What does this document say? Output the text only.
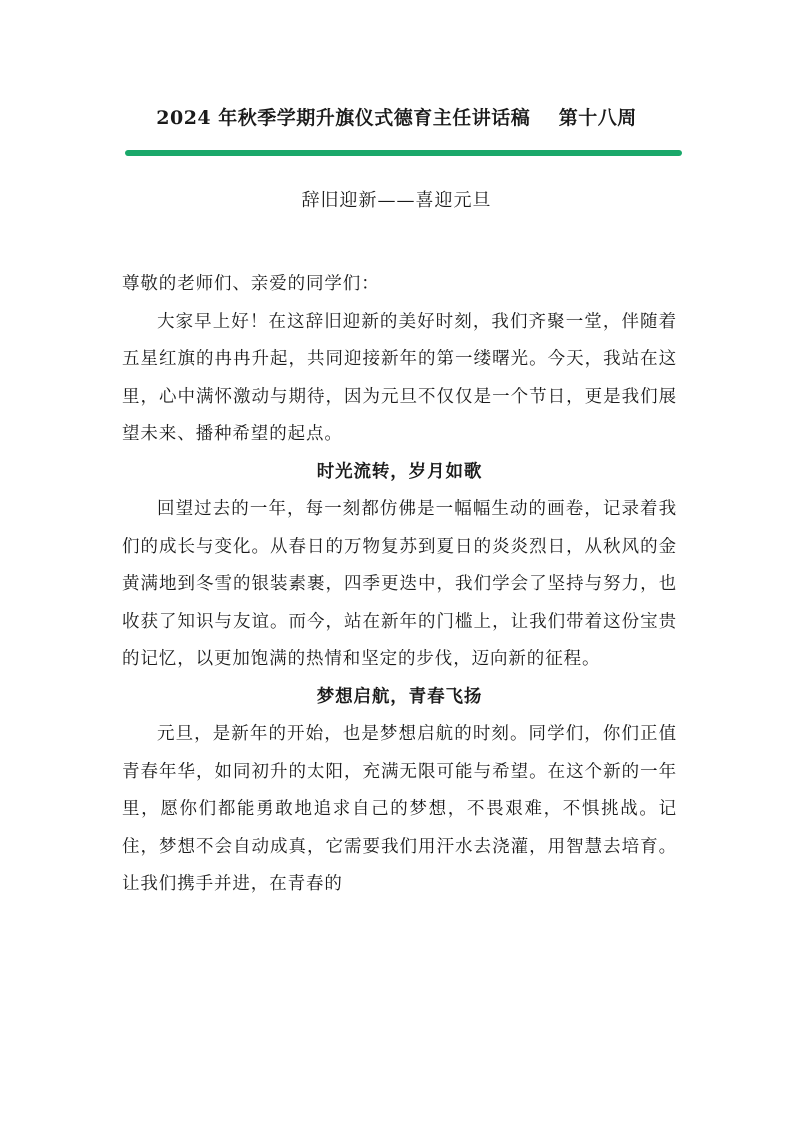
2024 年秋季学期升旗仪式德育主任讲话稿    第十八周
辞旧迎新——喜迎元旦

尊敬的老师们、亲爱的同学们：

大家早上好！在这辞旧迎新的美好时刻，我们齐聚一堂，伴随着五星红旗的冉冉升起，共同迎接新年的第一缕曙光。今天，我站在这里，心中满怀激动与期待，因为元旦不仅仅是一个节日，更是我们展望未来、播种希望的起点。

时光流转，岁月如歌

回望过去的一年，每一刻都仿佛是一幅幅生动的画卷，记录着我们的成长与变化。从春日的万物复苏到夏日的炎炎烈日，从秋风的金黄满地到冬雪的银装素裹，四季更迭中，我们学会了坚持与努力，也收获了知识与友谊。而今，站在新年的门槛上，让我们带着这份宝贵的记忆，以更加饱满的热情和坚定的步伐，迈向新的征程。

梦想启航，青春飞扬

元旦，是新年的开始，也是梦想启航的时刻。同学们，你们正值青春年华，如同初升的太阳，充满无限可能与希望。在这个新的一年里，愿你们都能勇敢地追求自己的梦想，不畏艰难，不惧挑战。记住，梦想不会自动成真，它需要我们用汗水去浇灌，用智慧去培育。让我们携手并进，在青春的
